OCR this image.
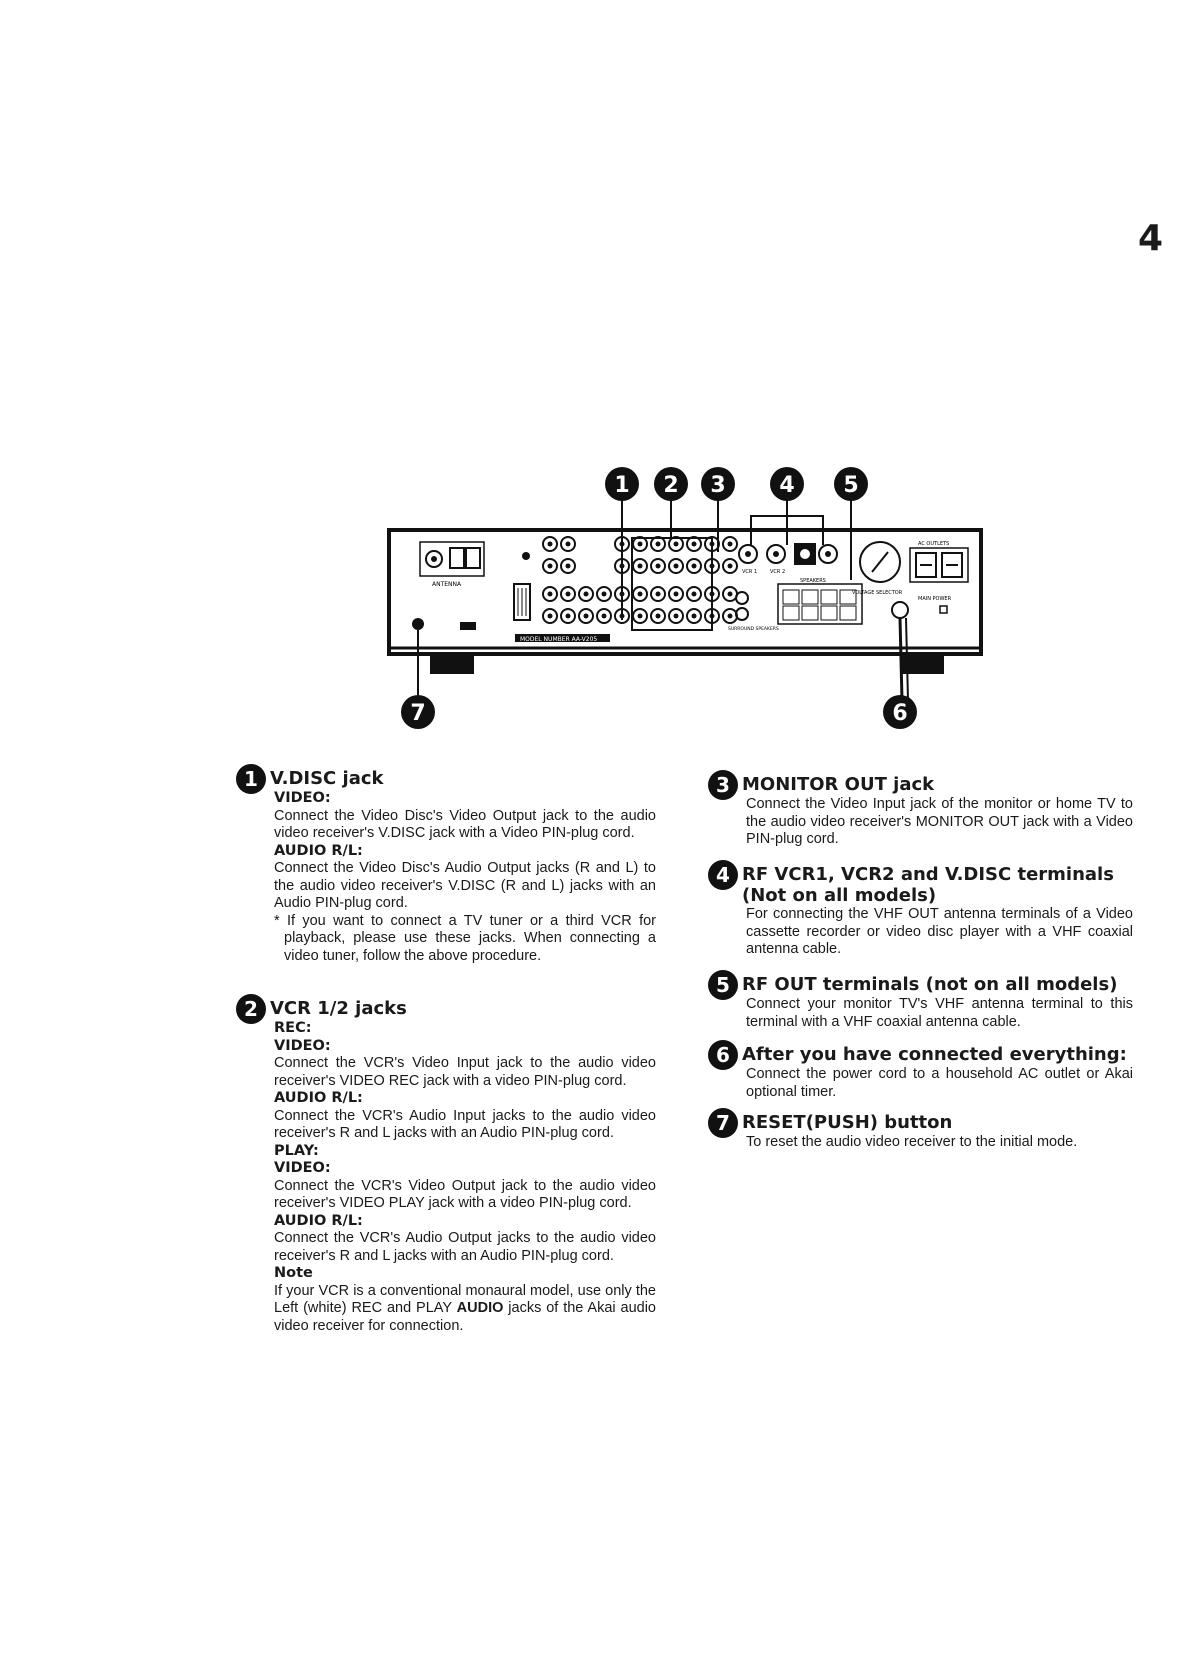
4
ANTENNA
MODEL NUMBER AA-V205
VCR 1	VCR 2
SPEAKERS
SURROUND SPEAKERS
VOLTAGE SELECTOR
AC OUTLETS
MAIN POWER
1 2 3 4 5
6
7
1 V.DISC jack
VIDEO:

Connect the Video Disc's Video Output jack to the audio video receiver's V.DISC jack with a Video PIN-plug cord.

AUDIO R/L:

Connect the Video Disc's Audio Output jacks (R and L) to the audio video receiver's V.DISC (R and L) jacks with an Audio PIN-plug cord.

* If you want to connect a TV tuner or a third VCR for playback, please use these jacks. When connecting a video tuner, follow the above procedure.

2 VCR 1/2 jacks
REC:
VIDEO:

Connect the VCR's Video Input jack to the audio video receiver's VIDEO REC jack with a video PIN-plug cord.

AUDIO R/L:

Connect the VCR's Audio Input jacks to the audio video receiver's R and L jacks with an Audio PIN-plug cord.

PLAY:
VIDEO:

Connect the VCR's Video Output jack to the audio video receiver's VIDEO PLAY jack with a video PIN-plug cord.

AUDIO R/L:

Connect the VCR's Audio Output jacks to the audio video receiver's R and L jacks with an Audio PIN-plug cord.

Note

If your VCR is a conventional monaural model, use only the Left (white) REC and PLAY AUDIO jacks of the Akai audio video receiver for connection.

3 MONITOR OUT jack

Connect the Video Input jack of the monitor or home TV to the audio video receiver's MONITOR OUT jack with a Video PIN-plug cord.

4 RF VCR1, VCR2 and V.DISC terminals (Not on all models)

For connecting the VHF OUT antenna terminals of a Video cassette recorder or video disc player with a VHF coaxial antenna cable.

5 RF OUT terminals (not on all models)

Connect your monitor TV's VHF antenna terminal to this terminal with a VHF coaxial antenna cable.

6 After you have connected everything:

Connect the power cord to a household AC outlet or Akai optional timer.

7 RESET(PUSH) button

To reset the audio video receiver to the initial mode.
